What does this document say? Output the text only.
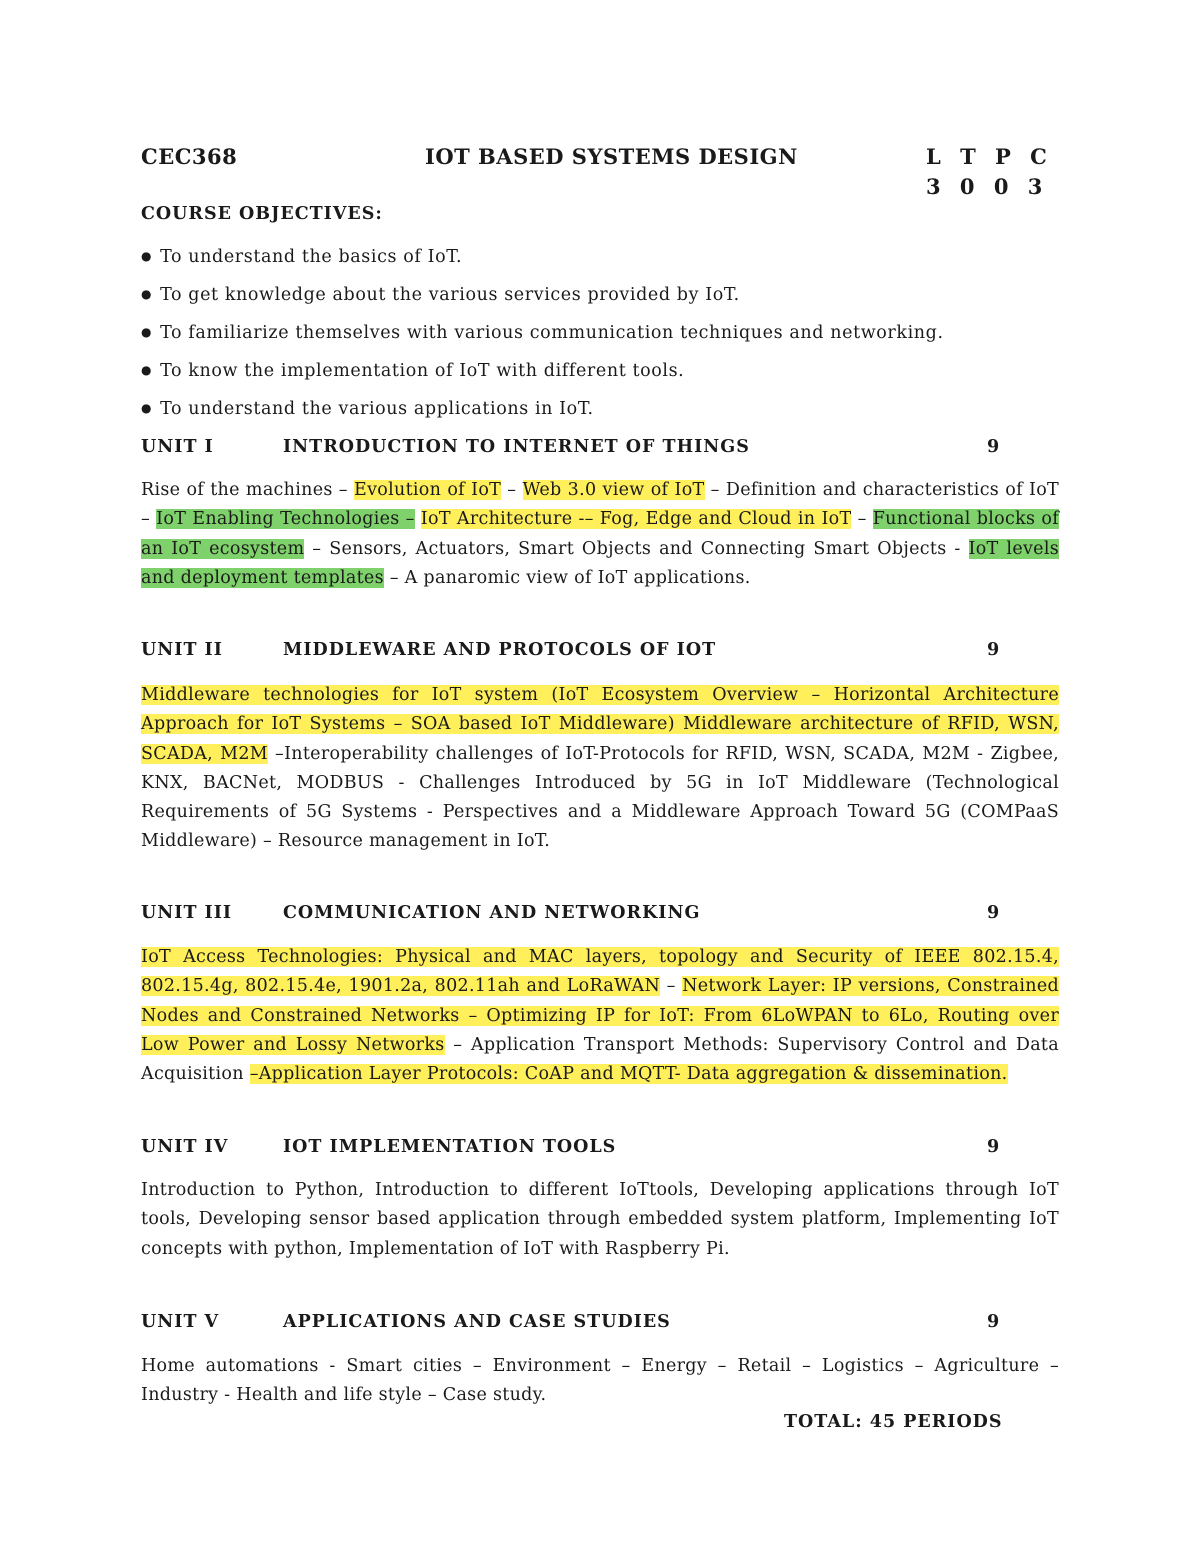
CEC368	IOT BASED SYSTEMS DESIGN	L T P C
3 0 0 3
COURSE OBJECTIVES:
● To understand the basics of IoT.
● To get knowledge about the various services provided by IoT.
● To familiarize themselves with various communication techniques and networking.
● To know the implementation of IoT with different tools.
● To understand the various applications in IoT.
UNIT I	INTRODUCTION TO INTERNET OF THINGS	9
Rise of the machines – Evolution of IoT – Web 3.0 view of IoT – Definition and characteristics of IoT – IoT Enabling Technologies – IoT Architecture -– Fog, Edge and Cloud in IoT – Functional blocks of an IoT ecosystem – Sensors, Actuators, Smart Objects and Connecting Smart Objects - IoT levels and deployment templates – A panaromic view of IoT applications.
UNIT II	MIDDLEWARE AND PROTOCOLS OF IOT	9
Middleware technologies for IoT system (IoT Ecosystem Overview – Horizontal Architecture Approach for IoT Systems – SOA based IoT Middleware) Middleware architecture of RFID, WSN, SCADA, M2M –Interoperability challenges of IoT-Protocols for RFID, WSN, SCADA, M2M - Zigbee, KNX, BACNet, MODBUS - Challenges Introduced by 5G in IoT Middleware (Technological Requirements of 5G Systems - Perspectives and a Middleware Approach Toward 5G (COMPaaS Middleware) – Resource management in IoT.
UNIT III	COMMUNICATION AND NETWORKING	9
IoT Access Technologies: Physical and MAC layers, topology and Security of IEEE 802.15.4, 802.15.4g, 802.15.4e, 1901.2a, 802.11ah and LoRaWAN – Network Layer: IP versions, Constrained Nodes and Constrained Networks – Optimizing IP for IoT: From 6LoWPAN to 6Lo, Routing over Low Power and Lossy Networks – Application Transport Methods: Supervisory Control and Data Acquisition –Application Layer Protocols: CoAP and MQTT- Data aggregation & dissemination.
UNIT IV	IOT IMPLEMENTATION TOOLS	9
Introduction to Python, Introduction to different IoTtools, Developing applications through IoT tools, Developing sensor based application through embedded system platform, Implementing IoT concepts with python, Implementation of IoT with Raspberry Pi.
UNIT V	APPLICATIONS AND CASE STUDIES	9
Home automations - Smart cities – Environment – Energy – Retail – Logistics – Agriculture – Industry - Health and life style – Case study.
TOTAL: 45 PERIODS
